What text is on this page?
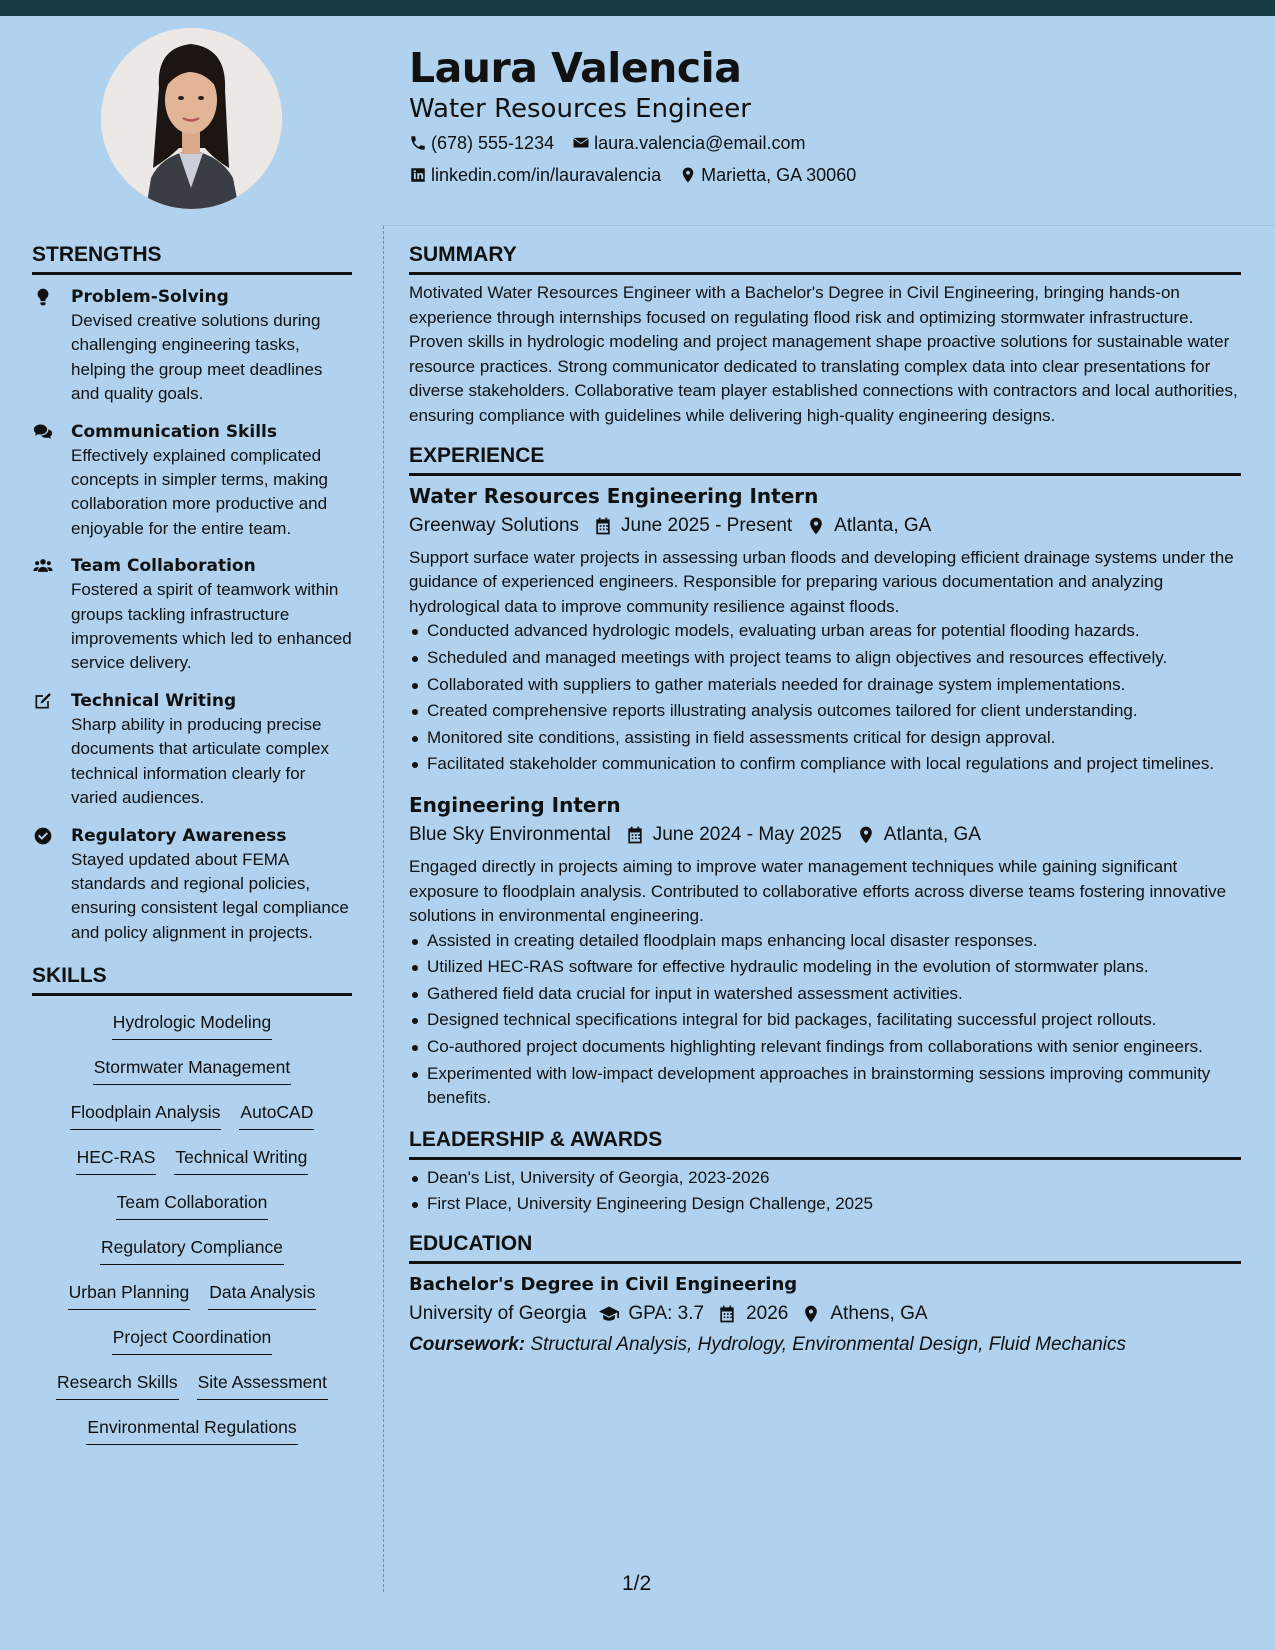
Laura Valencia
Water Resources Engineer
(678) 555-1234 laura.valencia@email.com
linkedin.com/in/lauravalencia Marietta, GA 30060
STRENGTHS
Problem-Solving
Devised creative solutions during challenging engineering tasks, helping the group meet deadlines and quality goals.
Communication Skills
Effectively explained complicated concepts in simpler terms, making collaboration more productive and enjoyable for the entire team.
Team Collaboration
Fostered a spirit of teamwork within groups tackling infrastructure improvements which led to enhanced service delivery.
Technical Writing
Sharp ability in producing precise documents that articulate complex technical information clearly for varied audiences.
Regulatory Awareness
Stayed updated about FEMA standards and regional policies, ensuring consistent legal compliance and policy alignment in projects.
SKILLS
Hydrologic Modeling
Stormwater Management
Floodplain Analysis AutoCAD
HEC-RAS Technical Writing
Team Collaboration
Regulatory Compliance
Urban Planning Data Analysis
Project Coordination
Research Skills Site Assessment
Environmental Regulations
SUMMARY
Motivated Water Resources Engineer with a Bachelor's Degree in Civil Engineering, bringing hands-on experience through internships focused on regulating flood risk and optimizing stormwater infrastructure. Proven skills in hydrologic modeling and project management shape proactive solutions for sustainable water resource practices. Strong communicator dedicated to translating complex data into clear presentations for diverse stakeholders. Collaborative team player established connections with contractors and local authorities, ensuring compliance with guidelines while delivering high-quality engineering designs.
EXPERIENCE
Water Resources Engineering Intern
Greenway Solutions June 2025 - Present Atlanta, GA
Support surface water projects in assessing urban floods and developing efficient drainage systems under the guidance of experienced engineers. Responsible for preparing various documentation and analyzing hydrological data to improve community resilience against floods.
Conducted advanced hydrologic models, evaluating urban areas for potential flooding hazards.
Scheduled and managed meetings with project teams to align objectives and resources effectively.
Collaborated with suppliers to gather materials needed for drainage system implementations.
Created comprehensive reports illustrating analysis outcomes tailored for client understanding.
Monitored site conditions, assisting in field assessments critical for design approval.
Facilitated stakeholder communication to confirm compliance with local regulations and project timelines.
Engineering Intern
Blue Sky Environmental June 2024 - May 2025 Atlanta, GA
Engaged directly in projects aiming to improve water management techniques while gaining significant exposure to floodplain analysis. Contributed to collaborative efforts across diverse teams fostering innovative solutions in environmental engineering.
Assisted in creating detailed floodplain maps enhancing local disaster responses.
Utilized HEC-RAS software for effective hydraulic modeling in the evolution of stormwater plans.
Gathered field data crucial for input in watershed assessment activities.
Designed technical specifications integral for bid packages, facilitating successful project rollouts.
Co-authored project documents highlighting relevant findings from collaborations with senior engineers.
Experimented with low-impact development approaches in brainstorming sessions improving community benefits.
LEADERSHIP & AWARDS
Dean's List, University of Georgia, 2023-2026
First Place, University Engineering Design Challenge, 2025
EDUCATION
Bachelor's Degree in Civil Engineering
University of Georgia GPA: 3.7 2026 Athens, GA
Coursework: Structural Analysis, Hydrology, Environmental Design, Fluid Mechanics
1/2
